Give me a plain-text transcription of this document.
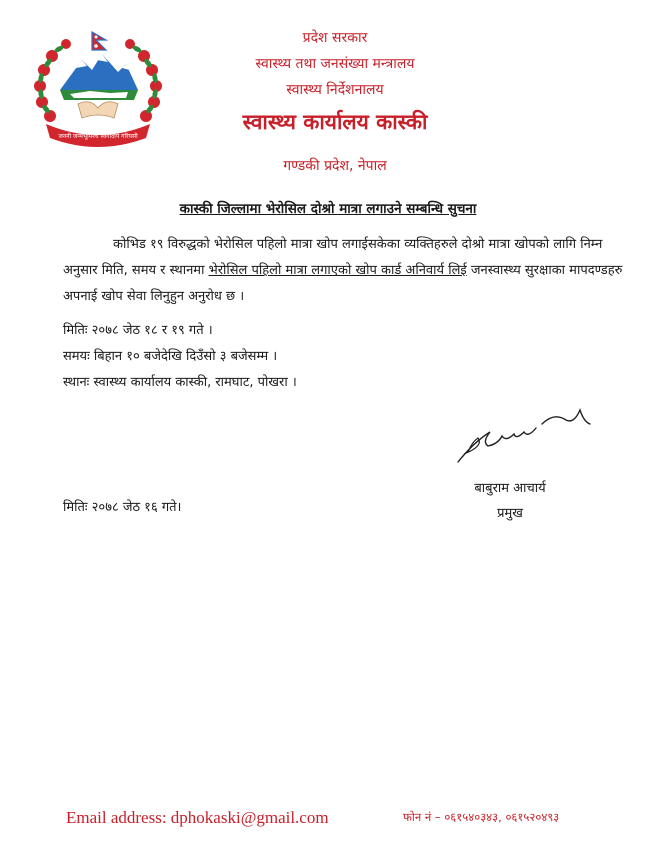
जननी जन्मभूमिश्च स्वर्गादपि गरियसी
प्रदेश सरकार
स्वास्थ्य तथा जनसंख्या मन्त्रालय
स्वास्थ्य निर्देशनालय
स्वास्थ्य कार्यालय कास्की
गण्डकी प्रदेश, नेपाल
कास्की जिल्लामा भेरोसिल दोश्रो मात्रा लगाउने सम्बन्धि सुचना
कोभिड १९ विरुद्धको भेरोसिल पहिलो मात्रा खोप लगाईसकेका व्यक्तिहरुले दोश्रो मात्रा खोपको लागि निम्न अनुसार मिति, समय र स्थानमा भेरोसिल पहिलो मात्रा लगाएको खोप कार्ड अनिवार्य लिई जनस्वास्थ्य सुरक्षाका मापदण्डहरु अपनाई खोप सेवा लिनुहुन अनुरोध छ ।
मितिः २०७८ जेठ १८ र १९ गते ।
समयः बिहान १० बजेदेखि दिउँसो ३ बजेसम्म ।
स्थानः स्वास्थ्य कार्यालय कास्की, रामघाट, पोखरा ।
बाबुराम आचार्य
प्रमुख
मितिः २०७८ जेठ १६ गते।
Email address: dphokaski@gmail.com	फोन नं – ०६१५४०३४३, ०६१५२०४९३
